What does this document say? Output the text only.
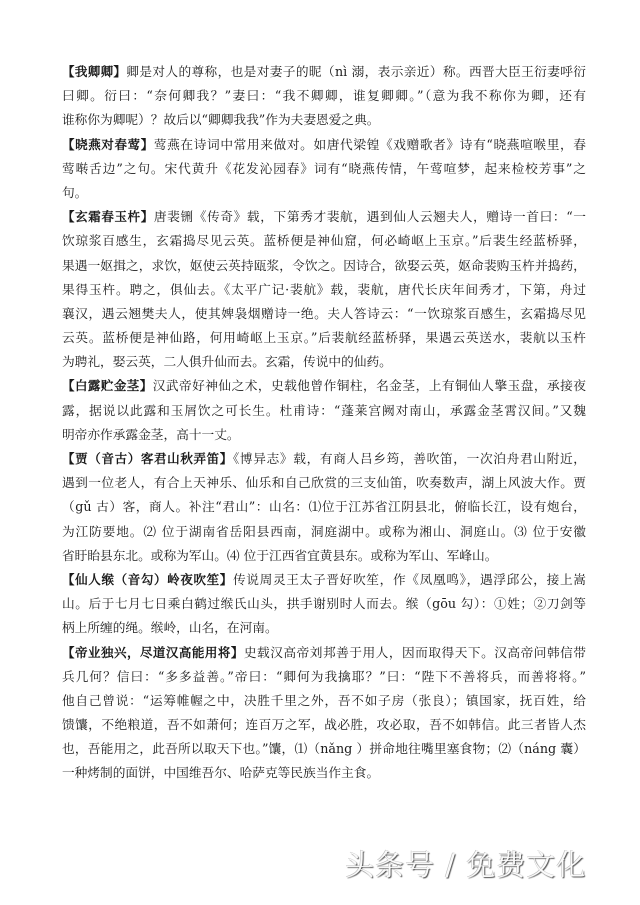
【我卿卿】卿是对人的尊称，也是对妻子的昵（nì 溺，表示亲近）称。西晋大臣王衍妻呼衍
曰卿。衍曰：“奈何卿我？”妻曰：“我不卿卿，谁复卿卿。”（意为我不称你为卿，还有
谁称你为卿呢）？故后以“卿卿我我”作为夫妻恩爱之典。
【晓燕对春莺】莺燕在诗词中常用来做对。如唐代梁锽《戏赠歌者》诗有“晓燕喧喉里，春
莺啭舌边”之句。宋代黄升《花发沁园春》词有“晓燕传情，午莺喧梦，起来检校芳事”之
句。
【玄霜春玉杵】唐裴铏《传奇》载，下第秀才裴航，遇到仙人云翘夫人，赠诗一首曰：“一
饮琼浆百感生，玄霜捣尽见云英。蓝桥便是神仙窟，何必崎岖上玉京。”后裴生经蓝桥驿，
果遇一妪揖之，求饮，妪使云英持瓯浆，令饮之。因诗合，欲娶云英，妪命裴购玉杵并捣药，
果得玉杵。聘之，俱仙去。《太平广记·裴航》载，裴航，唐代长庆年间秀才，下第，舟过
襄汉，遇云翘樊夫人，使其婢袅烟赠诗一绝。夫人答诗云：“一饮琼浆百感生，玄霜捣尽见
云英。蓝桥便是神仙路，何用崎岖上玉京。”后裴航经蓝桥驿，果遇云英送水，裴航以玉杵
为聘礼，娶云英，二人俱升仙而去。玄霜，传说中的仙药。
【白露贮金茎】汉武帝好神仙之术，史载他曾作铜柱，名金茎，上有铜仙人擎玉盘，承接夜
露，据说以此露和玉屑饮之可长生。杜甫诗：“蓬莱宫阙对南山，承露金茎霄汉间。”又魏
明帝亦作承露金茎，高十一丈。
【贾（音古）客君山秋弄笛】《博异志》载，有商人吕乡筠，善吹笛，一次泊舟君山附近，
遇到一位老人，有合上天神乐、仙乐和自己欣赏的三支仙笛，吹奏数声，湖上风波大作。贾
（gǔ 古）客，商人。补注“君山”：山名：⑴位于江苏省江阴县北，俯临长江，设有炮台，
为江防要地。⑵ 位于湖南省岳阳县西南，洞庭湖中。或称为湘山、洞庭山。⑶ 位于安徽
省盱眙县东北。或称为军山。⑷ 位于江西省宜黄县东。或称为军山、军峰山。
【仙人缑（音勾）岭夜吹笙】传说周灵王太子晋好吹笙，作《凤凰鸣》，遇浮邱公，接上嵩
山。后于七月七日乘白鹤过缑氏山头，拱手谢别时人而去。缑（gōu 勾）：①姓；②刀剑等
柄上所缠的绳。缑岭，山名，在河南。
【帝业独兴，尽道汉高能用将】史载汉高帝刘邦善于用人，因而取得天下。汉高帝问韩信带
兵几何？信曰：“多多益善。”帝曰：“卿何为我擒耶？”曰：“陛下不善将兵，而善将将。”
他自己曾说：“运筹帷幄之中，决胜千里之外，吾不如子房（张良）；镇国家，抚百姓，给
馈馕，不绝粮道，吾不如萧何；连百万之军，战必胜，攻必取，吾不如韩信。此三者皆人杰
也，吾能用之，此吾所以取天下也。”馕，⑴（nǎng ）拼命地往嘴里塞食物；⑵（náng 囊）
一种烤制的面饼，中国维吾尔、哈萨克等民族当作主食。
头条号 / 免费文化
